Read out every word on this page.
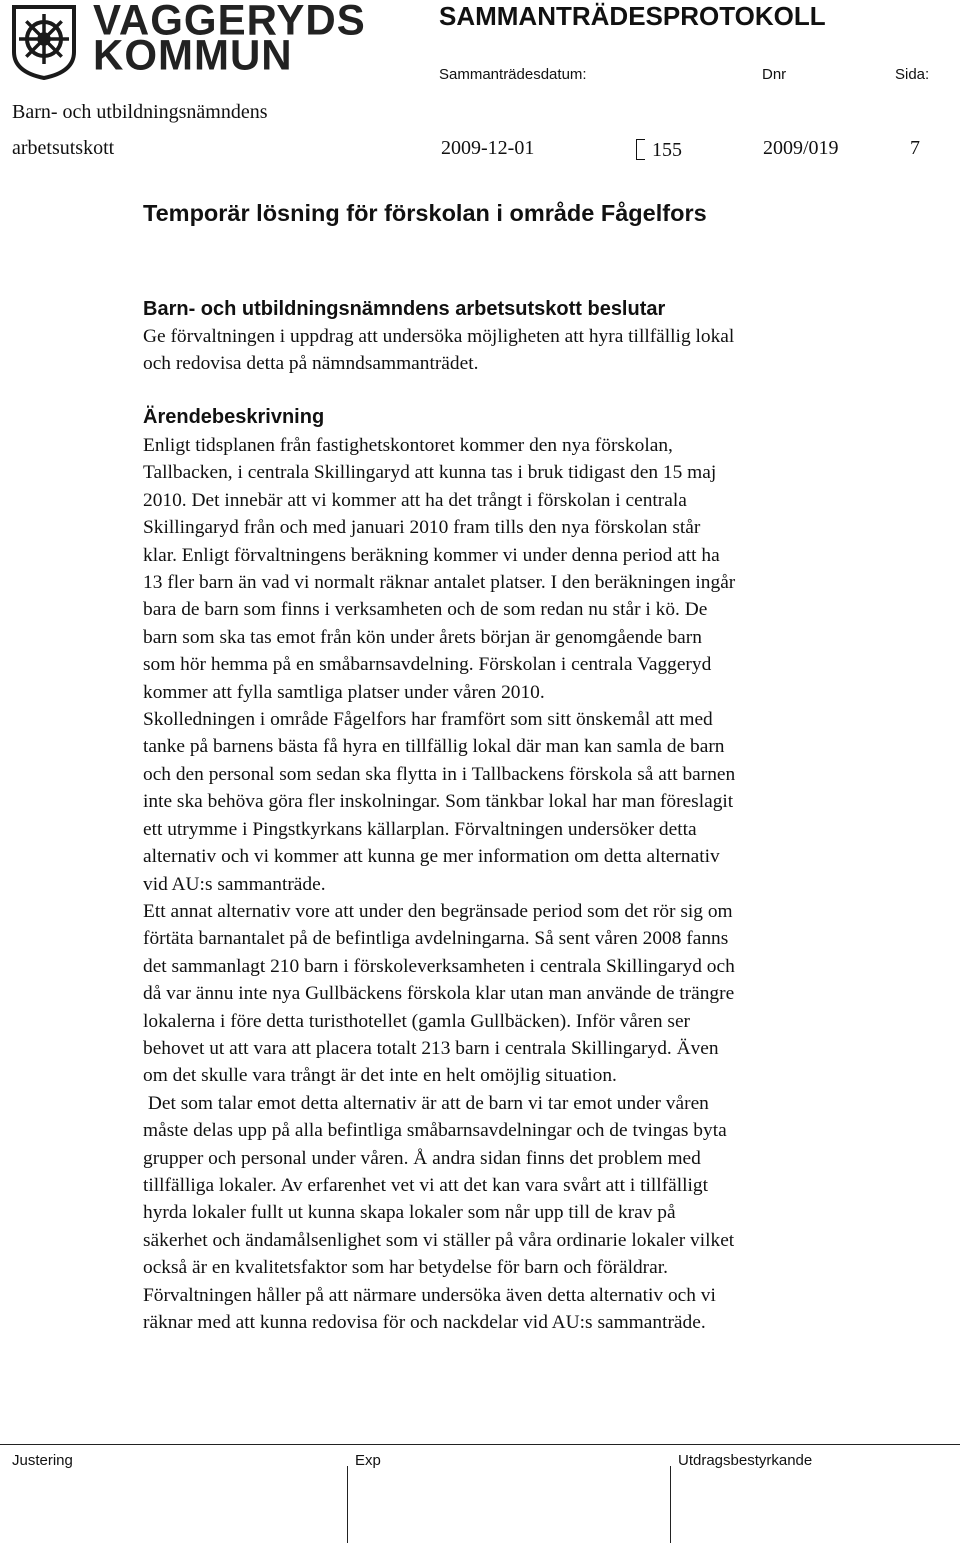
VAGGERYDS
KOMMUN
SAMMANTRÄDESPROTOKOLL
Sammanträdesdatum:	Dnr	Sida:
Barn- och utbildningsnämndens
arbetsutskott	2009-12-01	155	2009/019	7
Temporär lösning för förskolan i område Fågelfors
Barn- och utbildningsnämndens arbetsutskott beslutar
Ge förvaltningen i uppdrag att undersöka möjligheten att hyra tillfällig lokal
och redovisa detta på nämndsammanträdet.
Ärendebeskrivning
Enligt tidsplanen från fastighetskontoret kommer den nya förskolan,
Tallbacken, i centrala Skillingaryd att kunna tas i bruk tidigast den 15 maj
2010. Det innebär att vi kommer att ha det trångt i förskolan i centrala
Skillingaryd från och med januari 2010 fram tills den nya förskolan står
klar. Enligt förvaltningens beräkning kommer vi under denna period att ha
13 fler barn än vad vi normalt räknar antalet platser. I den beräkningen ingår
bara de barn som finns i verksamheten och de som redan nu står i kö. De
barn som ska tas emot från kön under årets början är genomgående barn
som hör hemma på en småbarnsavdelning. Förskolan i centrala Vaggeryd
kommer att fylla samtliga platser under våren 2010.
Skolledningen i område Fågelfors har framfört som sitt önskemål att med
tanke på barnens bästa få hyra en tillfällig lokal där man kan samla de barn
och den personal som sedan ska flytta in i Tallbackens förskola så att barnen
inte ska behöva göra fler inskolningar. Som tänkbar lokal har man föreslagit
ett utrymme i Pingstkyrkans källarplan. Förvaltningen undersöker detta
alternativ och vi kommer att kunna ge mer information om detta alternativ
vid AU:s sammanträde.
Ett annat alternativ vore att under den begränsade period som det rör sig om
förtäta barnantalet på de befintliga avdelningarna. Så sent våren 2008 fanns
det sammanlagt 210 barn i förskoleverksamheten i centrala Skillingaryd och
då var ännu inte nya Gullbäckens förskola klar utan man använde de trängre
lokalerna i före detta turisthotellet (gamla Gullbäcken). Inför våren ser
behovet ut att vara att placera totalt 213 barn i centrala Skillingaryd. Även
om det skulle vara trångt är det inte en helt omöjlig situation.
Det som talar emot detta alternativ är att de barn vi tar emot under våren
måste delas upp på alla befintliga småbarnsavdelningar och de tvingas byta
grupper och personal under våren. Å andra sidan finns det problem med
tillfälliga lokaler. Av erfarenhet vet vi att det kan vara svårt att i tillfälligt
hyrda lokaler fullt ut kunna skapa lokaler som når upp till de krav på
säkerhet och ändamålsenlighet som vi ställer på våra ordinarie lokaler vilket
också är en kvalitetsfaktor som har betydelse för barn och föräldrar.
Förvaltningen håller på att närmare undersöka även detta alternativ och vi
räknar med att kunna redovisa för och nackdelar vid AU:s sammanträde.
Justering	Exp	Utdragsbestyrkande
